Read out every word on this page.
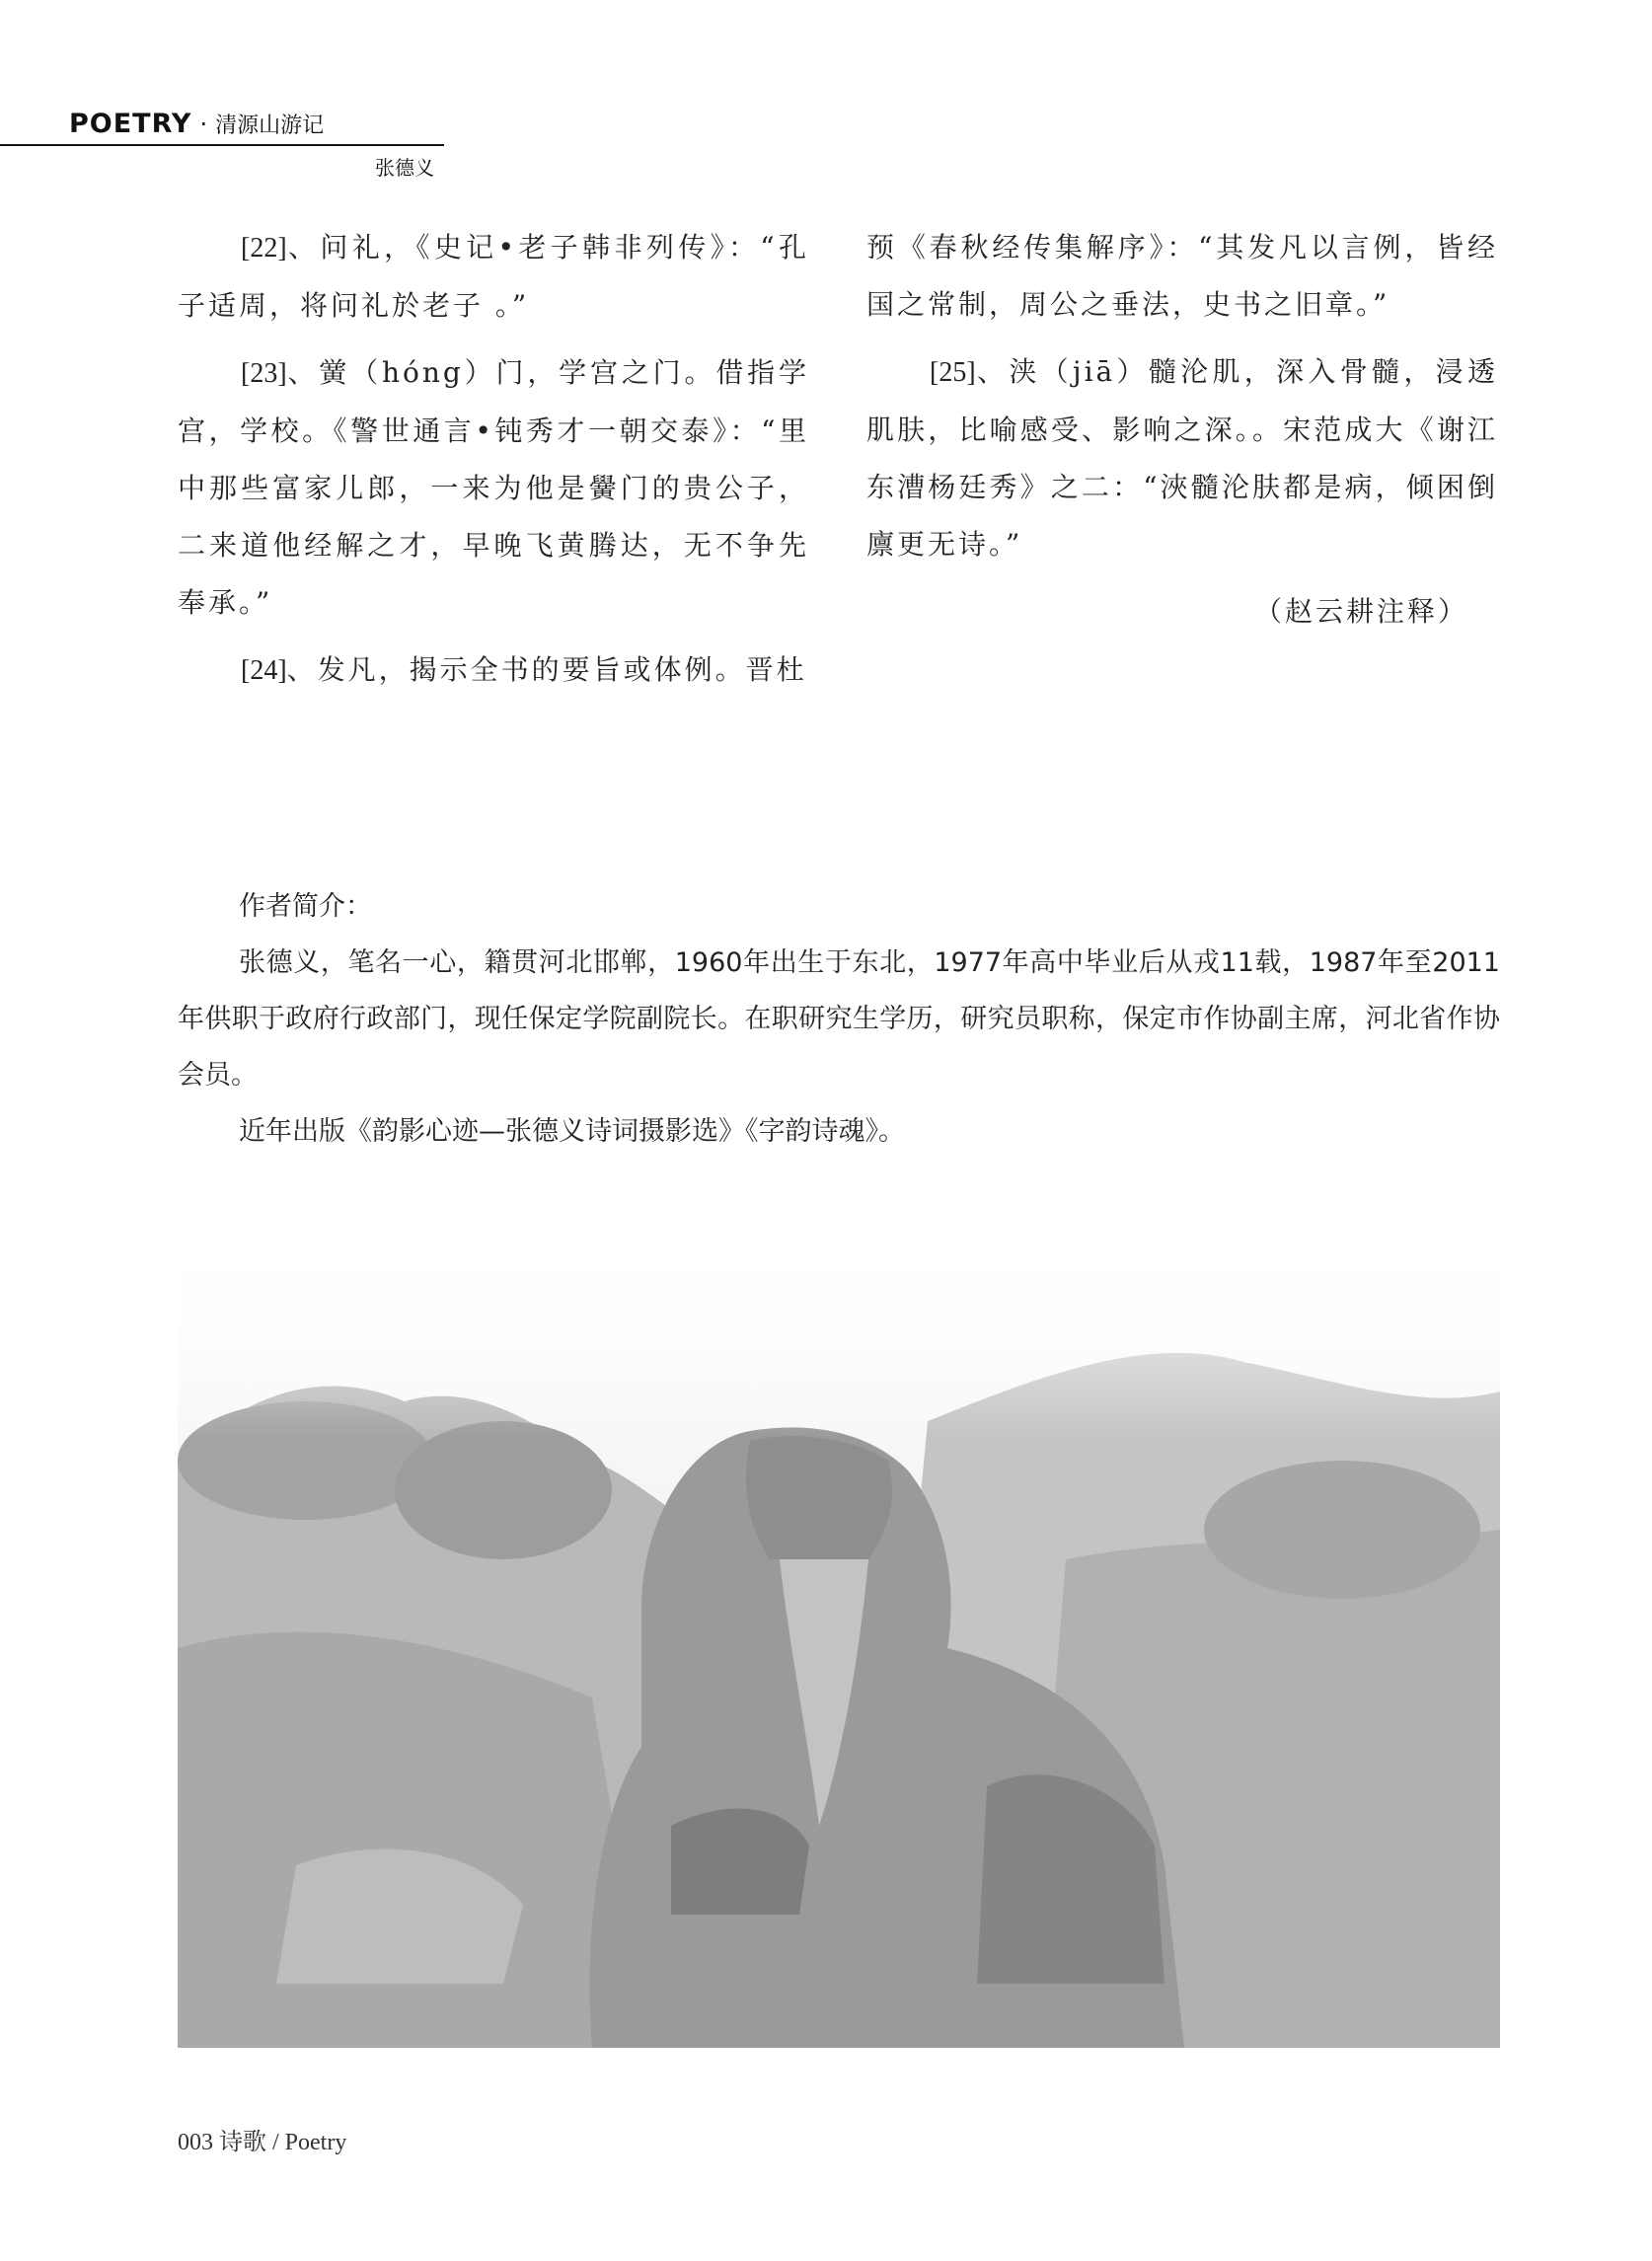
POETRY · 清源山游记
张德义

[22]、问礼，《史记•老子韩非列传》：“孔子适周，将问礼於老子 。”

[23]、黉（hóng）门，学宫之门。借指学宫，学校。《警世通言•钝秀才一朝交泰》：“里中那些富家儿郎，一来为他是黌门的贵公子，二来道他经解之才，早晚飞黄腾达，无不争先奉承。”

[24]、发凡，揭示全书的要旨或体例。晋杜

预《春秋经传集解序》：“其发凡以言例，皆经国之常制，周公之垂法，史书之旧章。”

[25]、浃（jiā）髓沦肌，深入骨髓，浸透肌肤，比喻感受、影响之深。。宋范成大《谢江东漕杨廷秀》之二：“浹髓沦肤都是病，倾困倒廪更无诗。”

（赵云耕注释）

作者简介：

张德义，笔名一心，籍贯河北邯郸，1960年出生于东北，1977年高中毕业后从戎11载，1987年至2011年供职于政府行政部门，现任保定学院副院长。在职研究生学历，研究员职称，保定市作协副主席，河北省作协会员。

近年出版《韵影心迹—张德义诗词摄影选》《字韵诗魂》。

003 诗歌 / Poetry
